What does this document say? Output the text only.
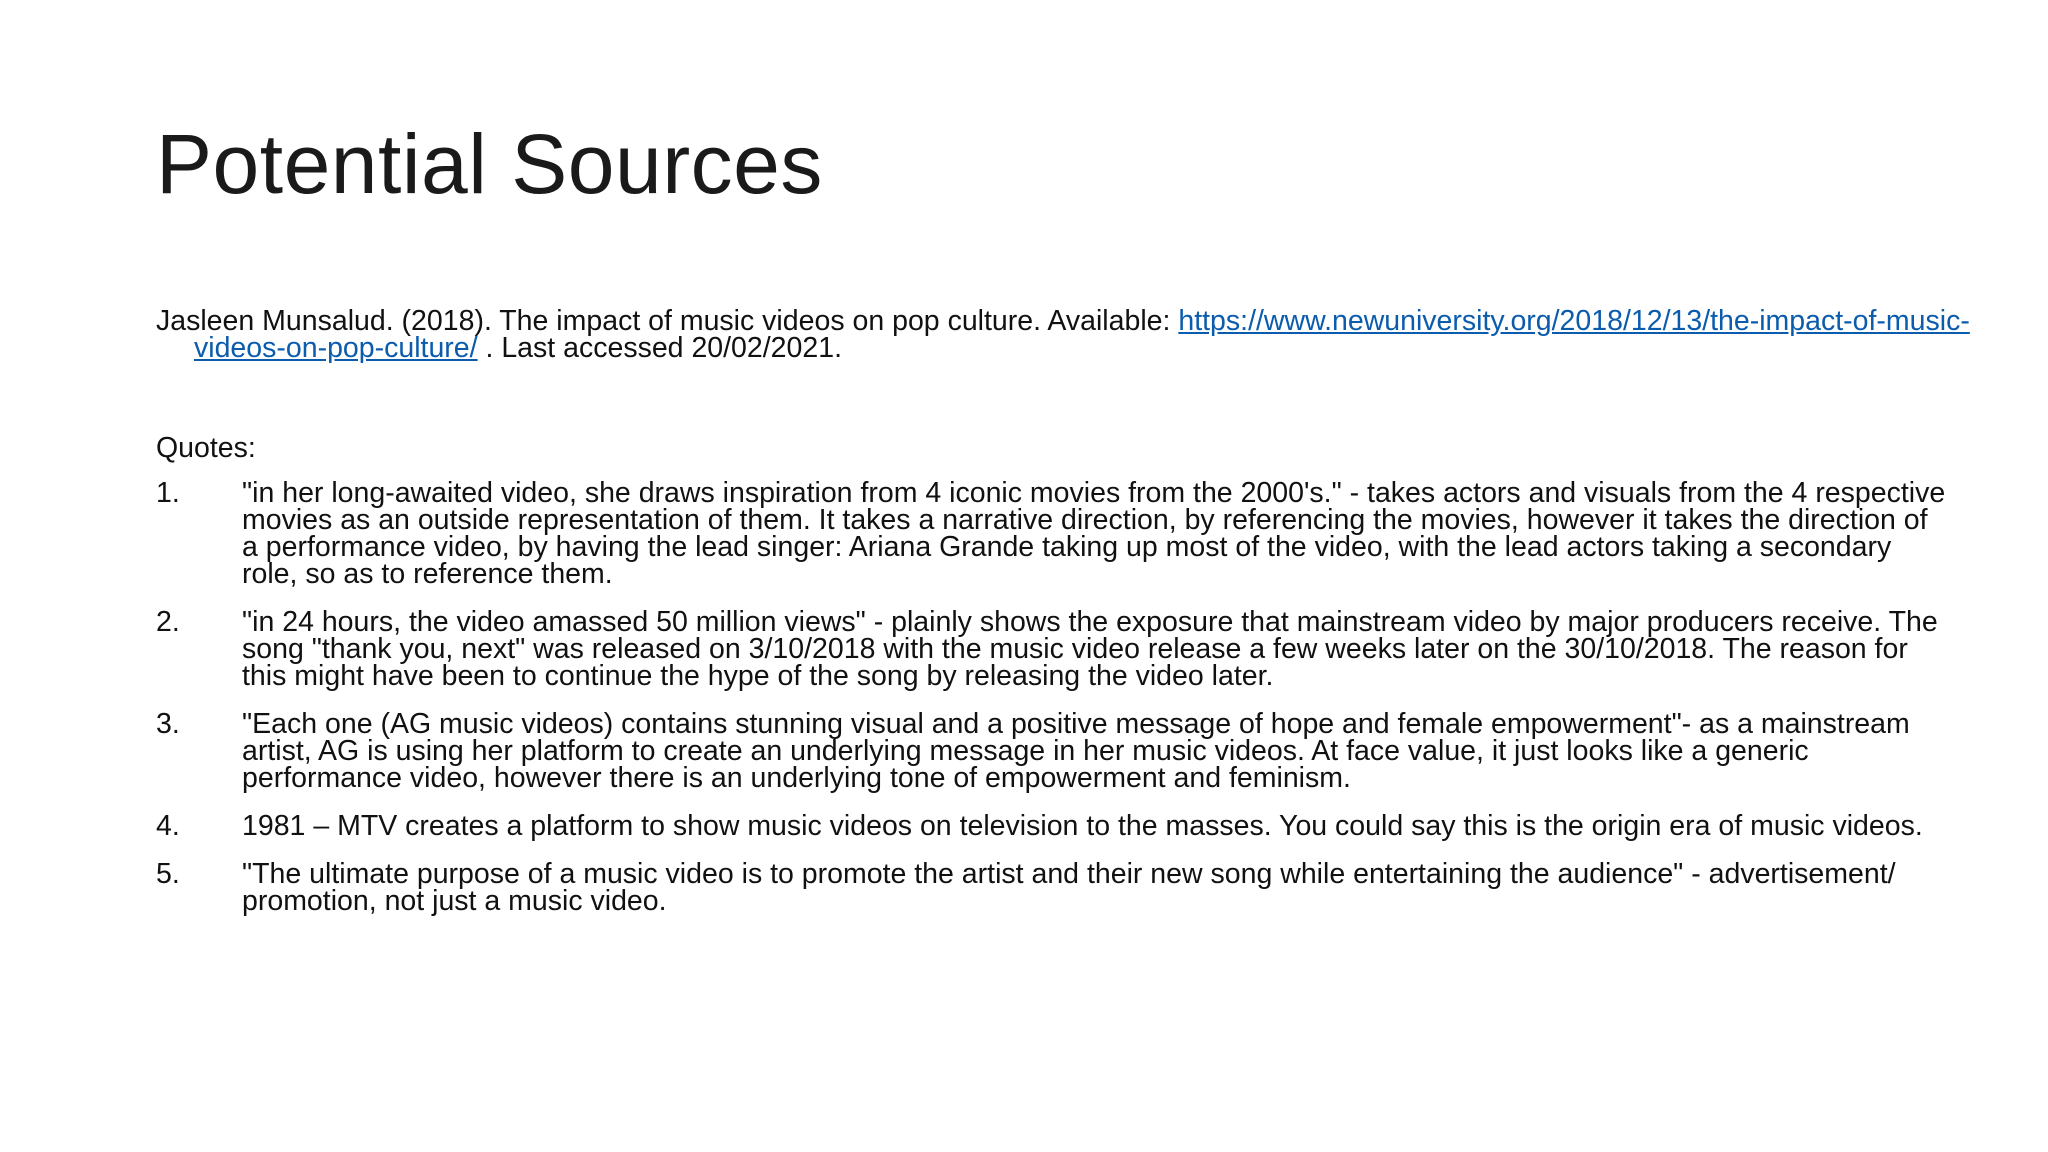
Potential Sources
Jasleen Munsalud. (2018). The impact of music videos on pop culture. Available: https://www.newuniversity.org/2018/12/13/the-impact-of-music-videos-on-pop-culture/ . Last accessed 20/02/2021.
Quotes:
1. "in her long-awaited video, she draws inspiration from 4 iconic movies from the 2000's." - takes actors and visuals from the 4 respective movies as an outside representation of them. It takes a narrative direction, by referencing the movies, however it takes the direction of a performance video, by having the lead singer: Ariana Grande taking up most of the video, with the lead actors taking a secondary role, so as to reference them.
2. "in 24 hours, the video amassed 50 million views" - plainly shows the exposure that mainstream video by major producers receive. The song "thank you, next" was released on 3/10/2018 with the music video release a few weeks later on the 30/10/2018. The reason for this might have been to continue the hype of the song by releasing the video later.
3. "Each one (AG music videos) contains stunning visual and a positive message of hope and female empowerment"- as a mainstream artist, AG is using her platform to create an underlying message in her music videos. At face value, it just looks like a generic performance video, however there is an underlying tone of empowerment and feminism.
4. 1981 – MTV creates a platform to show music videos on television to the masses. You could say this is the origin era of music videos.
5. "The ultimate purpose of a music video is to promote the artist and their new song while entertaining the audience" - advertisement/ promotion, not just a music video.
